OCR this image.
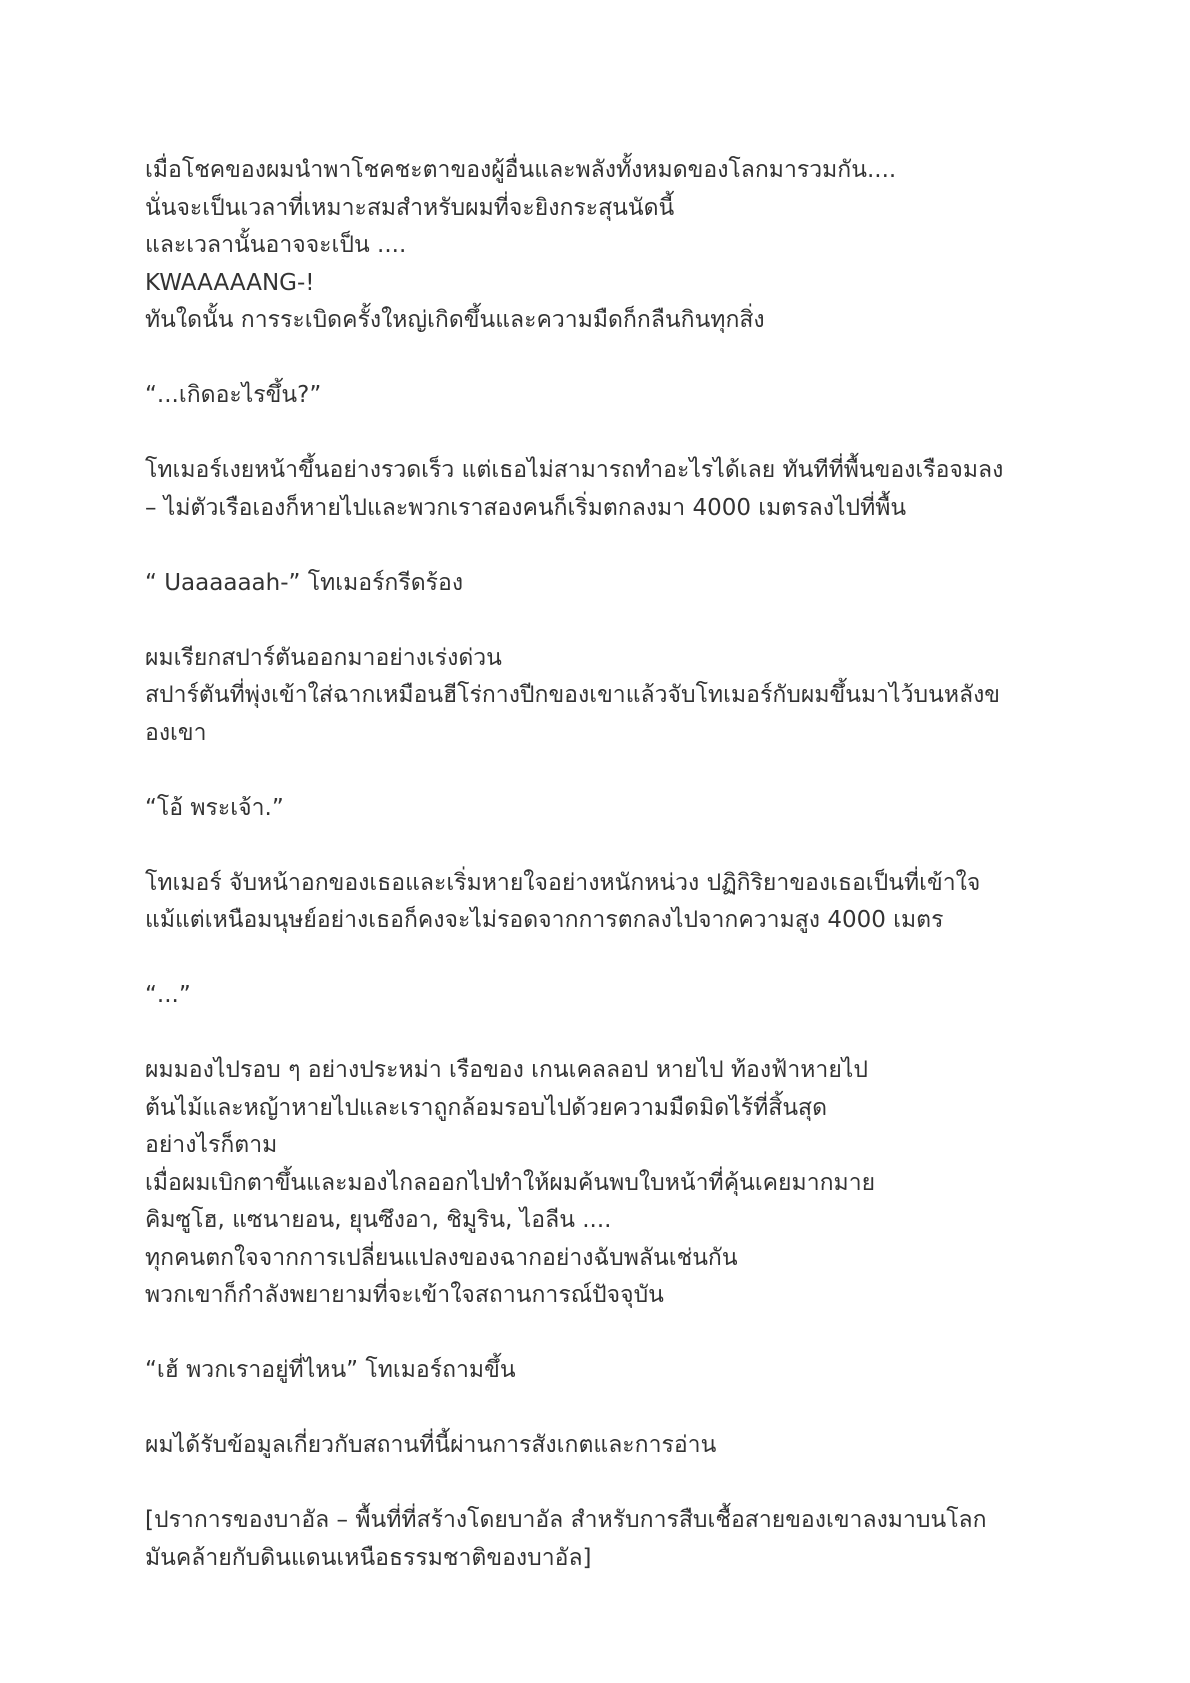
เมื่อโชคของผมนำพาโชคชะตาของผู้อื่นและพลังทั้งหมดของโลกมารวมกัน....
นั่นจะเป็นเวลาที่เหมาะสมสำหรับผมที่จะยิงกระสุนนัดนี้
และเวลานั้นอาจจะเป็น ....
KWAAAAANG-!
ทันใดนั้น การระเบิดครั้งใหญ่เกิดขึ้นและความมืดก็กลืนกินทุกสิ่ง

“...เกิดอะไรขึ้น?”

โทเมอร์เงยหน้าขึ้นอย่างรวดเร็ว แต่เธอไม่สามารถทำอะไรได้เลย ทันทีที่พื้นของเรือจมลง
– ไม่ตัวเรือเองก็หายไปและพวกเราสองคนก็เริ่มตกลงมา 4000 เมตรลงไปที่พื้น

“ Uaaaaaah-” โทเมอร์กรีดร้อง

ผมเรียกสปาร์ตันออกมาอย่างเร่งด่วน
สปาร์ตันที่พุ่งเข้าใส่ฉากเหมือนฮีโร่กางปีกของเขาแล้วจับโทเมอร์กับผมขึ้นมาไว้บนหลังข
องเขา

“โอ้ พระเจ้า.”

โทเมอร์ จับหน้าอกของเธอและเริ่มหายใจอย่างหนักหน่วง ปฏิกิริยาของเธอเป็นที่เข้าใจ
แม้แต่เหนือมนุษย์อย่างเธอก็คงจะไม่รอดจากการตกลงไปจากความสูง 4000 เมตร

“...”

ผมมองไปรอบ ๆ อย่างประหม่า เรือของ เกนเคลลอป หายไป ท้องฟ้าหายไป
ต้นไม้และหญ้าหายไปและเราถูกล้อมรอบไปด้วยความมืดมิดไร้ที่สิ้นสุด
อย่างไรก็ตาม
เมื่อผมเบิกตาขึ้นและมองไกลออกไปทำให้ผมค้นพบใบหน้าที่คุ้นเคยมากมาย
คิมซูโฮ, แซนายอน, ยุนซึงอา, ชิมูริน, ไอลีน ....
ทุกคนตกใจจากการเปลี่ยนแปลงของฉากอย่างฉับพลันเช่นกัน
พวกเขาก็กำลังพยายามที่จะเข้าใจสถานการณ์ปัจจุบัน

“เฮ้ พวกเราอยู่ที่ไหน” โทเมอร์ถามขึ้น

ผมได้รับข้อมูลเกี่ยวกับสถานที่นี้ผ่านการสังเกตและการอ่าน

[ปราการของบาอัล – พื้นที่ที่สร้างโดยบาอัล สำหรับการสืบเชื้อสายของเขาลงมาบนโลก
มันคล้ายกับดินแดนเหนือธรรมชาติของบาอัล]
